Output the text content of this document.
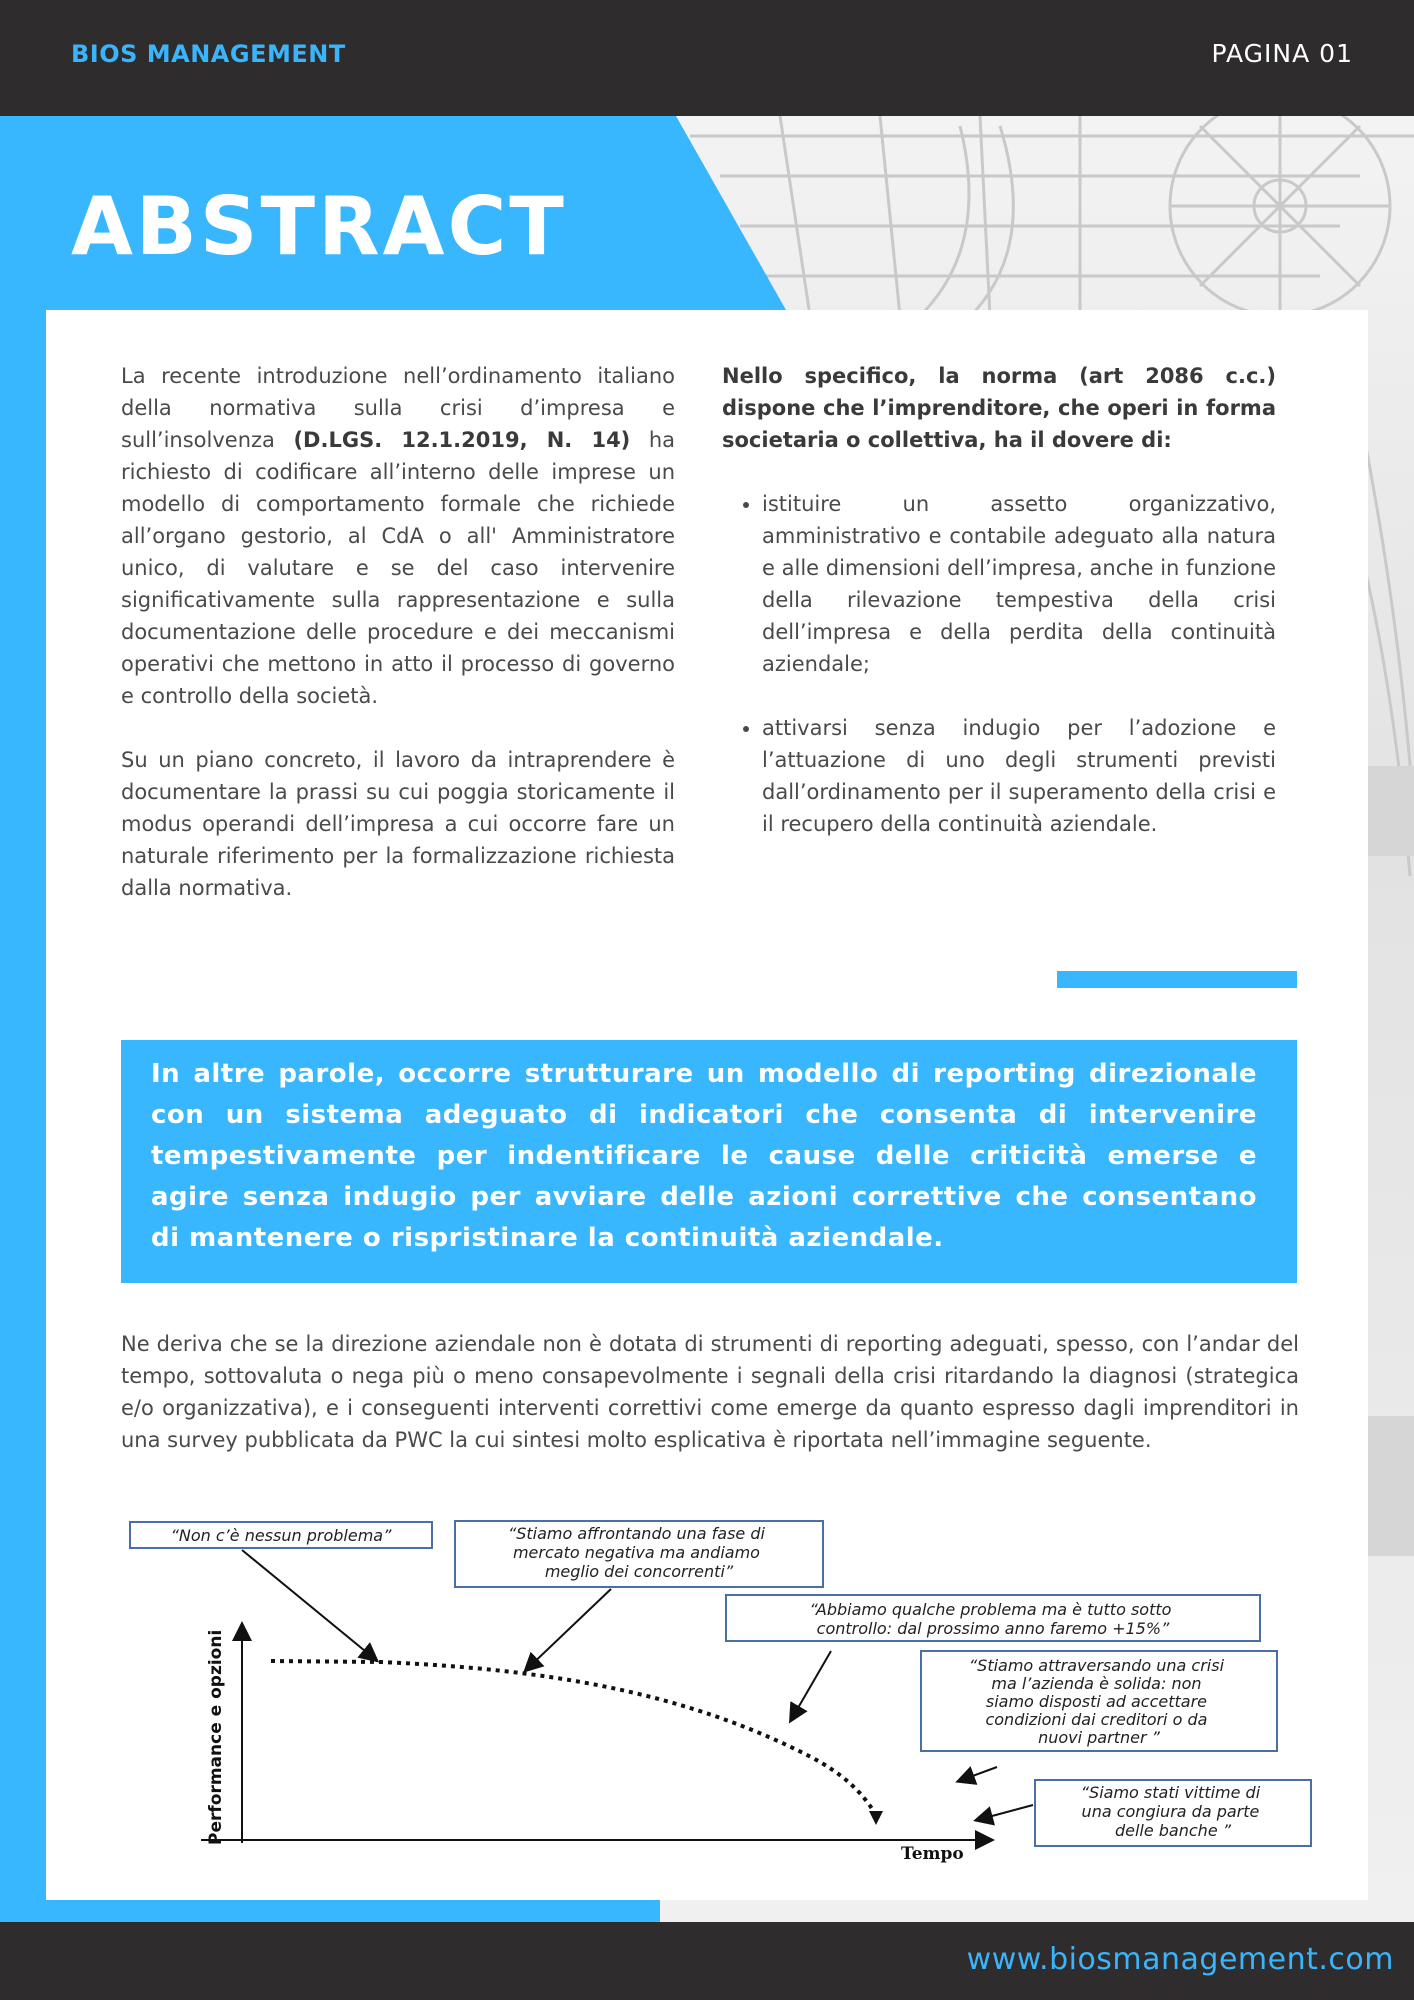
BIOS MANAGEMENT	PAGINA 01
ABSTRACT

La recente introduzione nell’ordinamento italiano della normativa sulla crisi d’impresa e sull’insolvenza (D.LGS. 12.1.2019, N. 14) ha richiesto di codificare all’interno delle imprese un modello di comportamento formale che richiede all’organo gestorio, al CdA o all' Amministratore unico, di valutare e se del caso intervenire significativamente sulla rappresentazione e sulla documentazione delle procedure e dei meccanismi operativi che mettono in atto il processo di governo e controllo della società.

Su un piano concreto, il lavoro da intraprendere è documentare la prassi su cui poggia storicamente il modus operandi dell’impresa a cui occorre fare un naturale riferimento per la formalizzazione richiesta dalla normativa.

Nello specifico, la norma (art 2086 c.c.) dispone che l’imprenditore, che operi in forma societaria o collettiva, ha il dovere di:
• istituire un assetto organizzativo, amministrativo e contabile adeguato alla natura e alle dimensioni dell’impresa, anche in funzione della rilevazione tempestiva della crisi dell’impresa e della perdita della continuità aziendale;
• attivarsi senza indugio per l’adozione e l’attuazione di uno degli strumenti previsti dall’ordinamento per il superamento della crisi e il recupero della continuità aziendale.
In altre parole, occorre strutturare un modello di reporting direzionale con un sistema adeguato di indicatori che consenta di intervenire tempestivamente per indentificare le cause delle criticità emerse e agire senza indugio per avviare delle azioni correttive che consentano di mantenere o rispristinare la continuità aziendale.
Ne deriva che se la direzione aziendale non è dotata di strumenti di reporting adeguati, spesso, con l’andar del tempo, sottovaluta o nega più o meno consapevolmente i segnali della crisi ritardando la diagnosi (strategica e/o organizzativa), e i conseguenti interventi correttivi come emerge da quanto espresso dagli imprenditori in una survey pubblicata da PWC la cui sintesi molto esplicativa è riportata nell’immagine seguente.
Performance e opzioni
Tempo
“Non c’è nessun problema”	“Stiamo affrontando una fase di mercato negativa ma andiamo meglio dei concorrenti”
“Abbiamo qualche problema ma è tutto sotto controllo: dal prossimo anno faremo +15%”
“Stiamo attraversando una crisi ma l’azienda è solida: non siamo disposti ad accettare condizioni dai creditori o da nuovi partner ”
“Siamo stati vittime di una congiura da parte delle banche ”
www.biosmanagement.com
